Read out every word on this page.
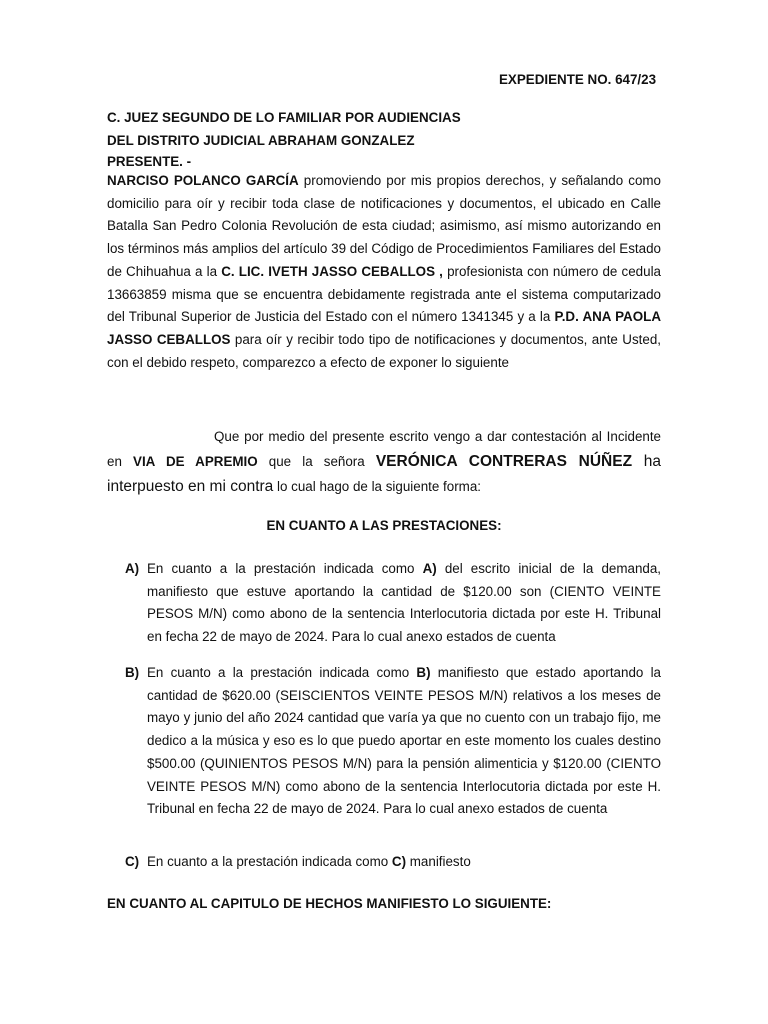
EXPEDIENTE NO. 647/23
C. JUEZ SEGUNDO DE LO FAMILIAR POR AUDIENCIAS
DEL DISTRITO JUDICIAL ABRAHAM GONZALEZ
PRESENTE. -
NARCISO POLANCO GARCÍA promoviendo por mis propios derechos, y señalando como domicilio para oír y recibir toda clase de notificaciones y documentos, el ubicado en Calle Batalla San Pedro Colonia Revolución de esta ciudad; asimismo, así mismo autorizando en los términos más amplios del artículo 39 del Código de Procedimientos Familiares del Estado de Chihuahua a la C. LIC. IVETH JASSO CEBALLOS , profesionista con número de cedula 13663859 misma que se encuentra debidamente registrada ante el sistema computarizado del Tribunal Superior de Justicia del Estado con el número 1341345 y a la P.D. ANA PAOLA JASSO CEBALLOS para oír y recibir todo tipo de notificaciones y documentos, ante Usted, con el debido respeto, comparezco a efecto de exponer lo siguiente
Que por medio del presente escrito vengo a dar contestación al Incidente en VIA DE APREMIO que la señora VERÓNICA CONTRERAS NÚÑEZ ha interpuesto en mi contra lo cual hago de la siguiente forma:
EN CUANTO A LAS PRESTACIONES:
A) En cuanto a la prestación indicada como A) del escrito inicial de la demanda, manifiesto que estuve aportando la cantidad de $120.00 son (CIENTO VEINTE PESOS M/N) como abono de la sentencia Interlocutoria dictada por este H. Tribunal en fecha 22 de mayo de 2024. Para lo cual anexo estados de cuenta
B) En cuanto a la prestación indicada como B) manifiesto que estado aportando la cantidad de $620.00 (SEISCIENTOS VEINTE PESOS M/N) relativos a los meses de mayo y junio del año 2024 cantidad que varía ya que no cuento con un trabajo fijo, me dedico a la música y eso es lo que puedo aportar en este momento los cuales destino $500.00 (QUINIENTOS PESOS M/N) para la pensión alimenticia y $120.00 (CIENTO VEINTE PESOS M/N) como abono de la sentencia Interlocutoria dictada por este H. Tribunal en fecha 22 de mayo de 2024. Para lo cual anexo estados de cuenta
C) En cuanto a la prestación indicada como C) manifiesto
EN CUANTO AL CAPITULO DE HECHOS MANIFIESTO LO SIGUIENTE:
